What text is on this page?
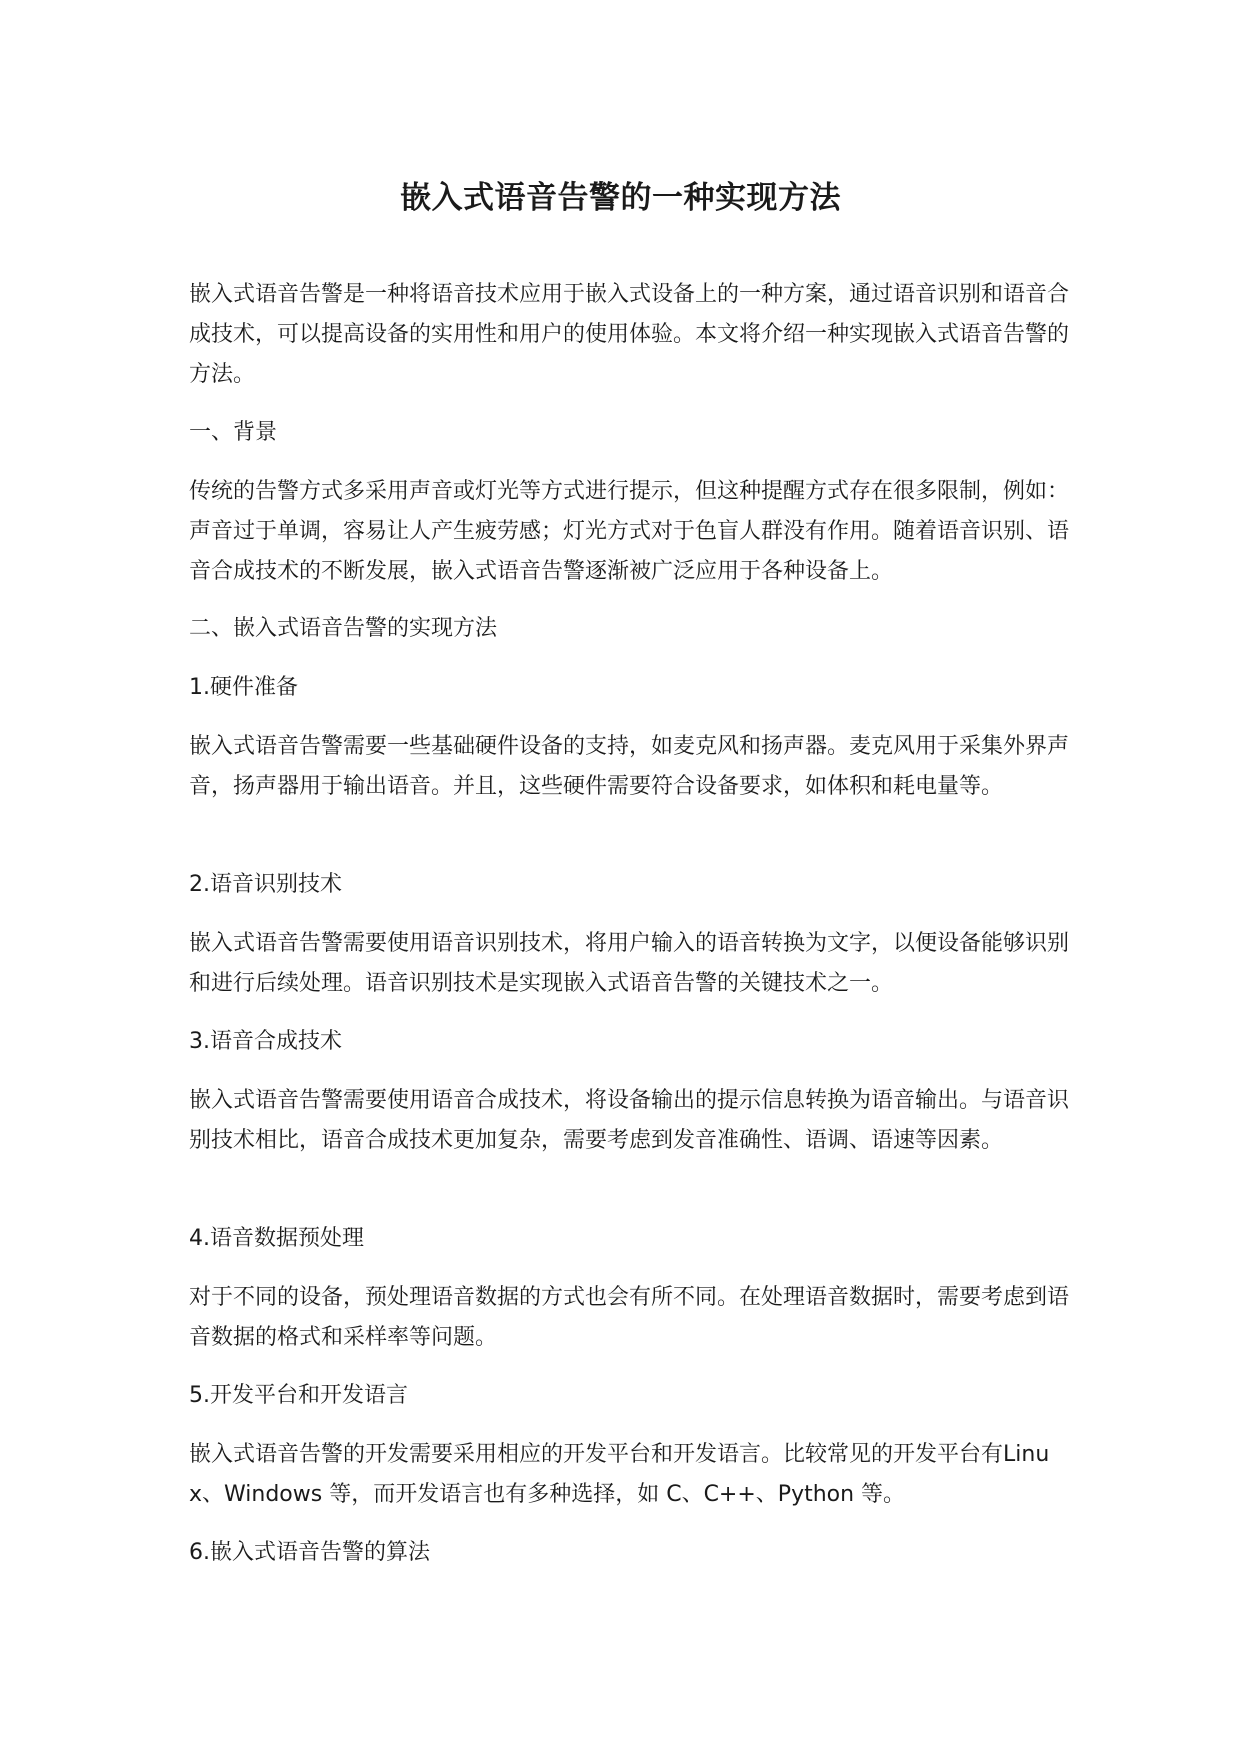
嵌入式语音告警的一种实现方法

嵌入式语音告警是一种将语音技术应用于嵌入式设备上的一种方案，通过语音识别和语音合成技术，可以提高设备的实用性和用户的使用体验。本文将介绍一种实现嵌入式语音告警的方法。

一、背景

传统的告警方式多采用声音或灯光等方式进行提示，但这种提醒方式存在很多限制，例如：声音过于单调，容易让人产生疲劳感；灯光方式对于色盲人群没有作用。随着语音识别、语音合成技术的不断发展，嵌入式语音告警逐渐被广泛应用于各种设备上。

二、嵌入式语音告警的实现方法

1.硬件准备

嵌入式语音告警需要一些基础硬件设备的支持，如麦克风和扬声器。麦克风用于采集外界声音，扬声器用于输出语音。并且，这些硬件需要符合设备要求，如体积和耗电量等。

2.语音识别技术

嵌入式语音告警需要使用语音识别技术，将用户输入的语音转换为文字，以便设备能够识别和进行后续处理。语音识别技术是实现嵌入式语音告警的关键技术之一。

3.语音合成技术

嵌入式语音告警需要使用语音合成技术，将设备输出的提示信息转换为语音输出。与语音识别技术相比，语音合成技术更加复杂，需要考虑到发音准确性、语调、语速等因素。

4.语音数据预处理

对于不同的设备，预处理语音数据的方式也会有所不同。在处理语音数据时，需要考虑到语音数据的格式和采样率等问题。

5.开发平台和开发语言

嵌入式语音告警的开发需要采用相应的开发平台和开发语言。比较常见的开发平台有Linux、Windows 等，而开发语言也有多种选择，如 C、C++、Python 等。

6.嵌入式语音告警的算法
